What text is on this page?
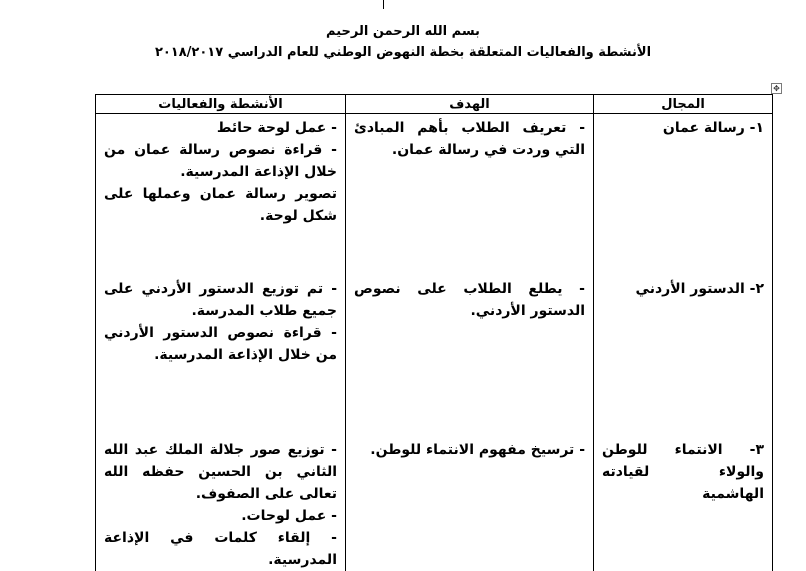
بسم الله الرحمن الرحيم
الأنشطة والفعاليات المتعلقة بخطة النهوض الوطني للعام الدراسي ٢٠١٨/٢٠١٧
✥
المجال	الهدف	الأنشطة والفعاليات
١- رسالة عمان	- تعريف الطلاب بأهم المبادئ التي وردت في رسالة عمان.	- عمل لوحة حائط
- قراءة نصوص رسالة عمان من خلال الإذاعة المدرسية.
تصوير رسالة عمان وعملها على شكل لوحة.

٢- الدستور الأردني	- يطلع الطلاب على نصوص الدستور الأردني.	- تم توزيع الدستور الأردني على جميع طلاب المدرسة.
- قراءة نصوص الدستور الأردني من خلال الإذاعة المدرسية.

٣- الانتماء للوطن والولاء لقيادته الهاشمية	- ترسيخ مفهوم الانتماء للوطن.	- توزيع صور جلالة الملك عبد الله الثاني بن الحسين حفظه الله تعالى على الصفوف.
- عمل لوحات.
- إلقاء كلمات في الإذاعة المدرسية.
